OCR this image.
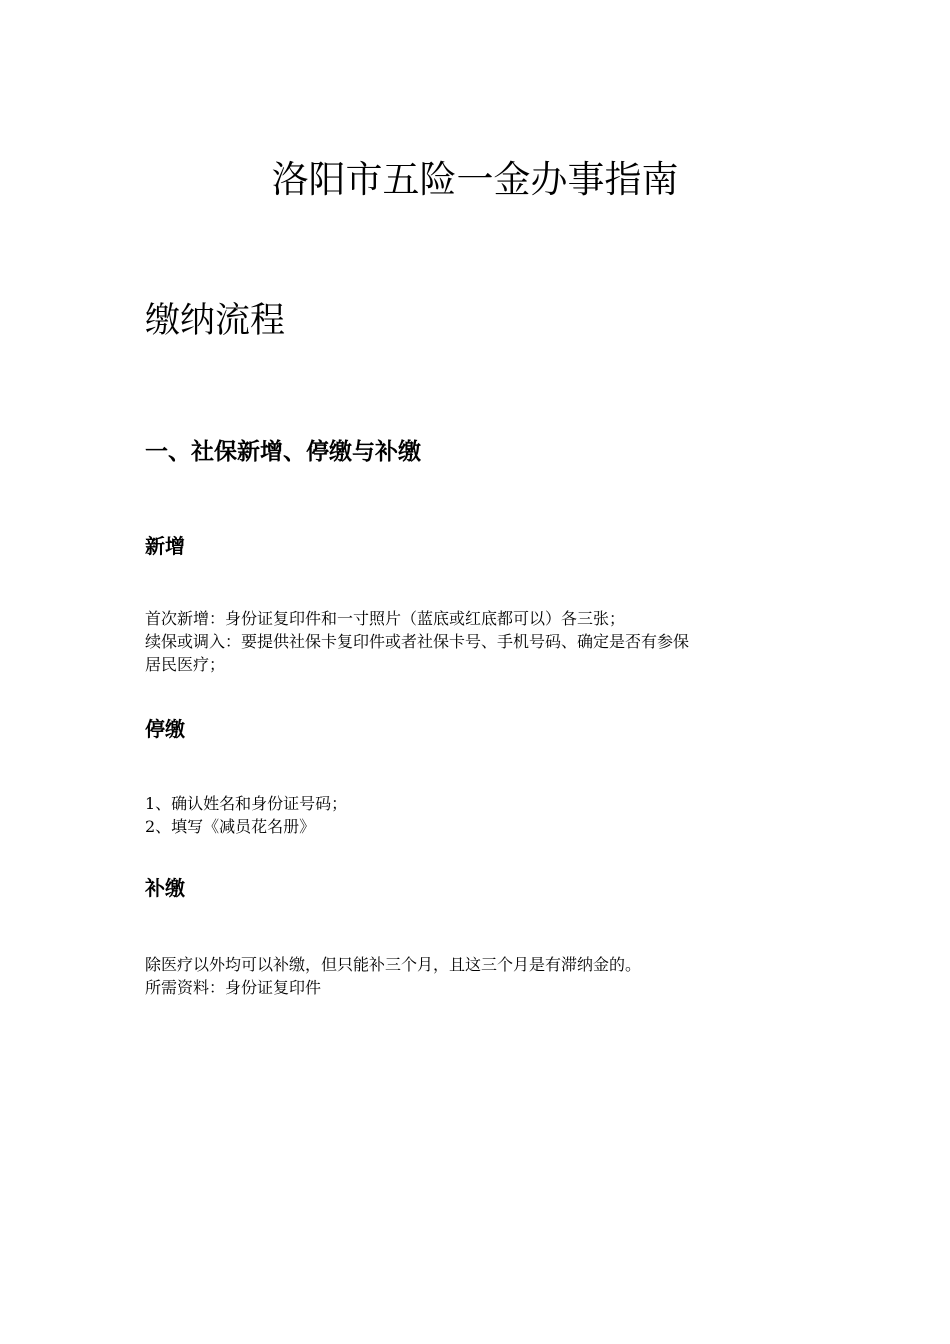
洛阳市五险一金办事指南
缴纳流程
一、社保新增、停缴与补缴
新增
首次新增：身份证复印件和一寸照片（蓝底或红底都可以）各三张；
续保或调入：要提供社保卡复印件或者社保卡号、手机号码、确定是否有参保
居民医疗；
停缴
1、确认姓名和身份证号码；
2、填写《减员花名册》
补缴
除医疗以外均可以补缴，但只能补三个月，且这三个月是有滞纳金的。
所需资料：身份证复印件
